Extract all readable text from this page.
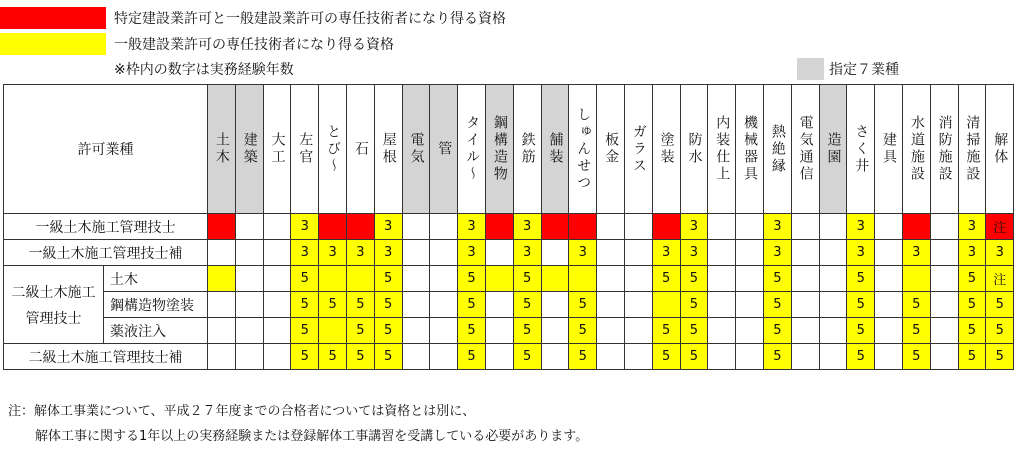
特定建設業許可と一般建設業許可の専任技術者になり得る資格
一般建設業許可の専任技術者になり得る資格
※枠内の数字は実務経験年数	指定７業種
許可業種		土木	建築	大工	左官	とび～	石	屋根	電気	管	タイル～	鋼構造物	鉄筋	舗装	しゅんせつ	板金	ガラス	塗装	防水	内装仕上	機械器具	熱絶縁	電気通信	造園	さく井	建具	水道施設	消防施設	清掃施設	解体
一級土木施工管理技士					3			3			3		3						3			3			3				3	注
一級土木施工管理技士補					3	3	3	3			3		3		3			3	3			3			3		3		3	3

二級土木施工
管理技士	土木				5			5			5		5					5	5			5			5				5	注
	鋼構造物塗装				5	5	5	5			5		5		5				5			5			5		5		5	5
	薬液注入				5		5	5			5		5		5			5	5			5			5		5		5	5
二級土木施工管理技士補					5	5	5	5			5		5		5			5	5			5			5		5		5	5
注：解体工事業について、平成２７年度までの合格者については資格とは別に、
解体工事に関する1年以上の実務経験または登録解体工事講習を受講している必要があります。
